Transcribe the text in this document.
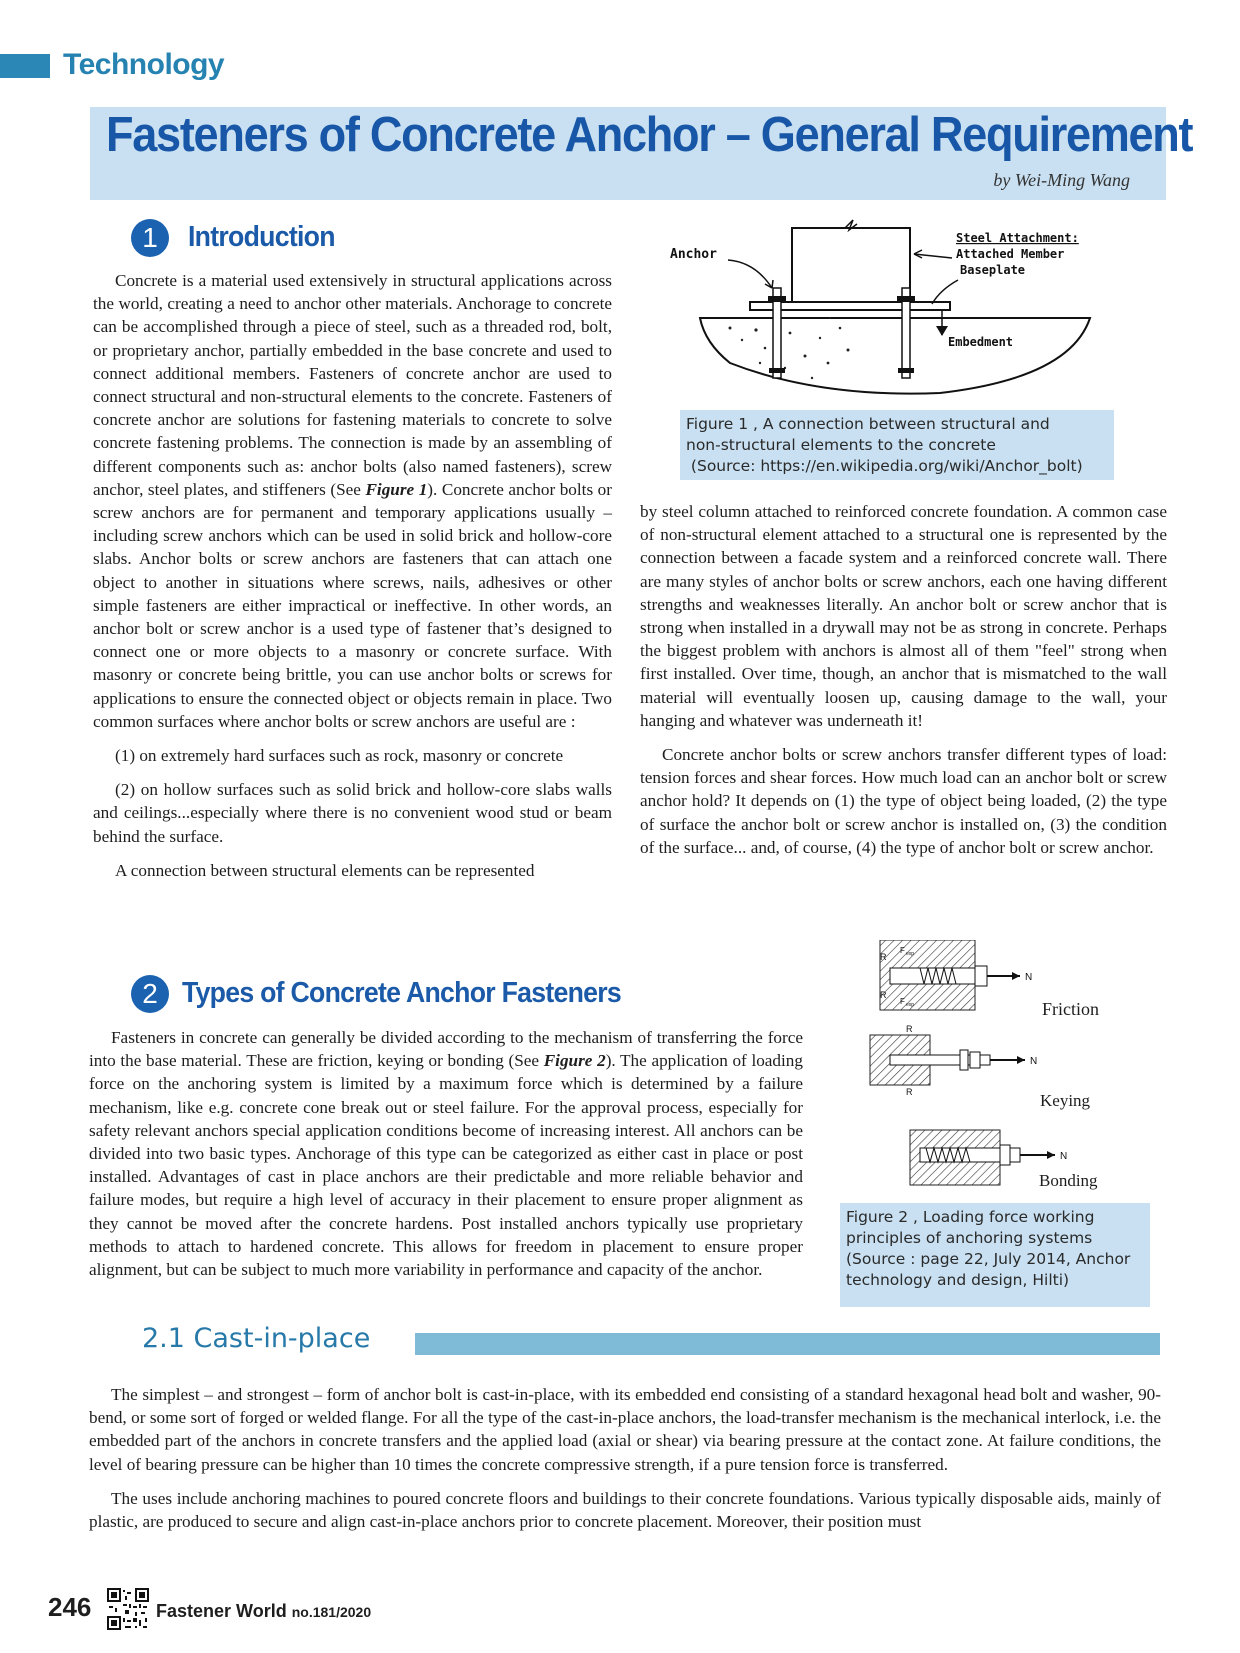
Technology
Fasteners of Concrete Anchor – General Requirement
by Wei-Ming Wang
1	Introduction

Concrete is a material used extensively in structural applications across the world, creating a need to anchor other materials. Anchorage to concrete can be accomplished through a piece of steel, such as a threaded rod, bolt, or proprietary anchor, partially embedded in the base concrete and used to connect additional members. Fasteners of concrete anchor are used to connect structural and non-structural elements to the concrete. Fasteners of concrete anchor are solutions for fastening materials to concrete to solve concrete fastening problems. The connection is made by an assembling of different components such as: anchor bolts (also named fasteners), screw anchor, steel plates, and stiffeners (See Figure 1). Concrete anchor bolts or screw anchors are for permanent and temporary applications usually – including screw anchors which can be used in solid brick and hollow-core slabs. Anchor bolts or screw anchors are fasteners that can attach one object to another in situations where screws, nails, adhesives or other simple fasteners are either impractical or ineffective. In other words, an anchor bolt or screw anchor is a used type of fastener that’s designed to connect one or more objects to a masonry or concrete surface. With masonry or concrete being brittle, you can use anchor bolts or screws for applications to ensure the connected object or objects remain in place. Two common surfaces where anchor bolts or screw anchors are useful are :

(1) on extremely hard surfaces such as rock, masonry or concrete

(2) on hollow surfaces such as solid brick and hollow-core slabs walls and ceilings...especially where there is no convenient wood stud or beam behind the surface.

A connection between structural elements can be represented

Anchor
Steel Attachment:
Attached Member
Baseplate
Embedment
Figure 1 , A connection between structural and
non-structural elements to the concrete
(Source: https://en.wikipedia.org/wiki/Anchor_bolt)

by steel column attached to reinforced concrete foundation. A common case of non-structural element attached to a structural one is represented by the connection between a facade system and a reinforced concrete wall. There are many styles of anchor bolts or screw anchors, each one having different strengths and weaknesses literally. An anchor bolt or screw anchor that is strong when installed in a drywall may not be as strong in concrete. Perhaps the biggest problem with anchors is almost all of them "feel" strong when first installed. Over time, though, an anchor that is mismatched to the wall material will eventually loosen up, causing damage to the wall, your hanging and whatever was underneath it!

Concrete anchor bolts or screw anchors transfer different types of load: tension forces and shear forces. How much load can an anchor bolt or screw anchor hold? It depends on (1) the type of object being loaded, (2) the type of surface the anchor bolt or screw anchor is installed on, (3) the condition of the surface... and, of course, (4) the type of anchor bolt or screw anchor.

2 Types of Concrete Anchor Fasteners

Fasteners in concrete can generally be divided according to the mechanism of transferring the force into the base material. These are friction, keying or bonding (See Figure 2). The application of loading force on the anchoring system is limited by a maximum force which is determined by a failure mechanism, like e.g. concrete cone break out or steel failure. For the approval process, especially for safety relevant anchors special application conditions become of increasing interest. All anchors can be divided into two basic types. Anchorage of this type can be categorized as either cast in place or post installed. Advantages of cast in place anchors are their predictable and more reliable behavior and failure modes, but require a high level of accuracy in their placement to ensure proper alignment as they cannot be moved after the concrete hardens. Post installed anchors typically use proprietary methods to attach to hardened concrete. This allows for freedom in placement to ensure proper alignment, but can be subject to much more variability in performance and capacity of the anchor.

N
R
R
F exp
F exp	Friction
N
R
R	Keying
N
Bonding
Figure 2 , Loading force working
principles of anchoring systems
(Source : page 22, July 2014, Anchor
technology and design, Hilti)
2.1 Cast-in-place

The simplest – and strongest – form of anchor bolt is cast-in-place, with its embedded end consisting of a standard hexagonal head bolt and washer, 90-bend, or some sort of forged or welded flange. For all the type of the cast-in-place anchors, the load-transfer mechanism is the mechanical interlock, i.e. the embedded part of the anchors in concrete transfers and the applied load (axial or shear) via bearing pressure at the contact zone. At failure conditions, the level of bearing pressure can be higher than 10 times the concrete compressive strength, if a pure tension force is transferred.

The uses include anchoring machines to poured concrete floors and buildings to their concrete foundations. Various typically disposable aids, mainly of plastic, are produced to secure and align cast-in-place anchors prior to concrete placement. Moreover, their position must

246	Fastener World no.181/2020
